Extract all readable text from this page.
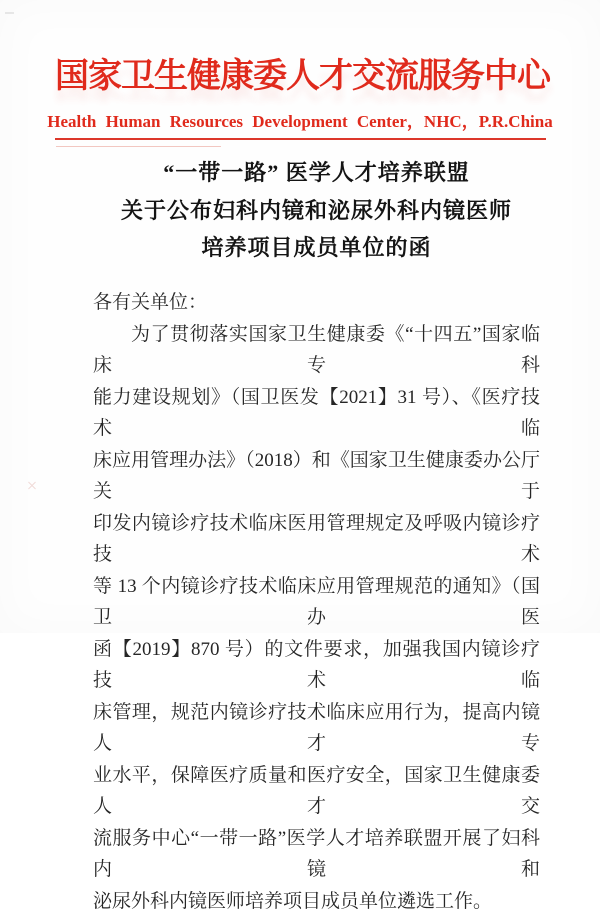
国家卫生健康委人才交流服务中心
Health Human Resources Development Center，NHC，P.R.China
“一带一路” 医学人才培养联盟
关于公布妇科内镜和泌尿外科内镜医师
培养项目成员单位的函
各有关单位：
为了贯彻落实国家卫生健康委《“十四五”国家临床专科
能力建设规划》（国卫医发【2021】31 号）、《医疗技术临
床应用管理办法》（2018）和《国家卫生健康委办公厅关于
印发内镜诊疗技术临床医用管理规定及呼吸内镜诊疗技术
等 13 个内镜诊疗技术临床应用管理规范的通知》（国卫办医
函【2019】870 号）的文件要求，加强我国内镜诊疗技术临
床管理，规范内镜诊疗技术临床应用行为，提高内镜人才专
业水平，保障医疗质量和医疗安全，国家卫生健康委人才交
流服务中心“一带一路”医学人才培养联盟开展了妇科内镜和
泌尿外科内镜医师培养项目成员单位遴选工作。
